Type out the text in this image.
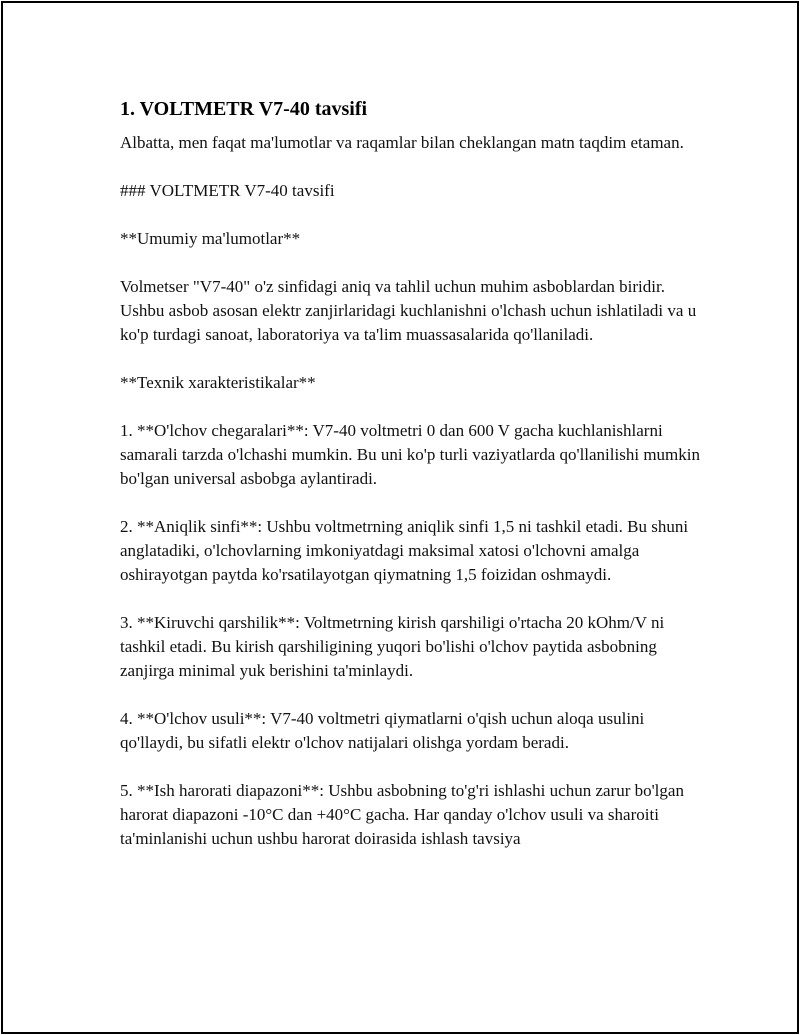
1. VOLTMETR V7-40 tavsifi

Albatta, men faqat ma'lumotlar va raqamlar bilan cheklangan matn taqdim etaman.

### VOLTMETR V7-40 tavsifi

**Umumiy ma'lumotlar**

Volmetser "V7-40" o'z sinfidagi aniq va tahlil uchun muhim asboblardan biridir. Ushbu asbob asosan elektr zanjirlaridagi kuchlanishni o'lchash uchun ishlatiladi va u ko'p turdagi sanoat, laboratoriya va ta'lim muassasalarida qo'llaniladi.

**Texnik xarakteristikalar**

1. **O'lchov chegaralari**: V7-40 voltmetri 0 dan 600 V gacha kuchlanishlarni samarali tarzda o'lchashi mumkin. Bu uni ko'p turli vaziyatlarda qo'llanilishi mumkin bo'lgan universal asbobga aylantiradi.

2. **Aniqlik sinfi**: Ushbu voltmetrning aniqlik sinfi 1,5 ni tashkil etadi. Bu shuni anglatadiki, o'lchovlarning imkoniyatdagi maksimal xatosi o'lchovni amalga oshirayotgan paytda ko'rsatilayotgan qiymatning 1,5 foizidan oshmaydi.

3. **Kiruvchi qarshilik**: Voltmetrning kirish qarshiligi o'rtacha 20 kOhm/V ni tashkil etadi. Bu kirish qarshiligining yuqori bo'lishi o'lchov paytida asbobning zanjirga minimal yuk berishini ta'minlaydi.

4. **O'lchov usuli**: V7-40 voltmetri qiymatlarni o'qish uchun aloqa usulini qo'llaydi, bu sifatli elektr o'lchov natijalari olishga yordam beradi.

5. **Ish harorati diapazoni**: Ushbu asbobning to'g'ri ishlashi uchun zarur bo'lgan harorat diapazoni -10°C dan +40°C gacha. Har qanday o'lchov usuli va sharoiti ta'minlanishi uchun ushbu harorat doirasida ishlash tavsiya
